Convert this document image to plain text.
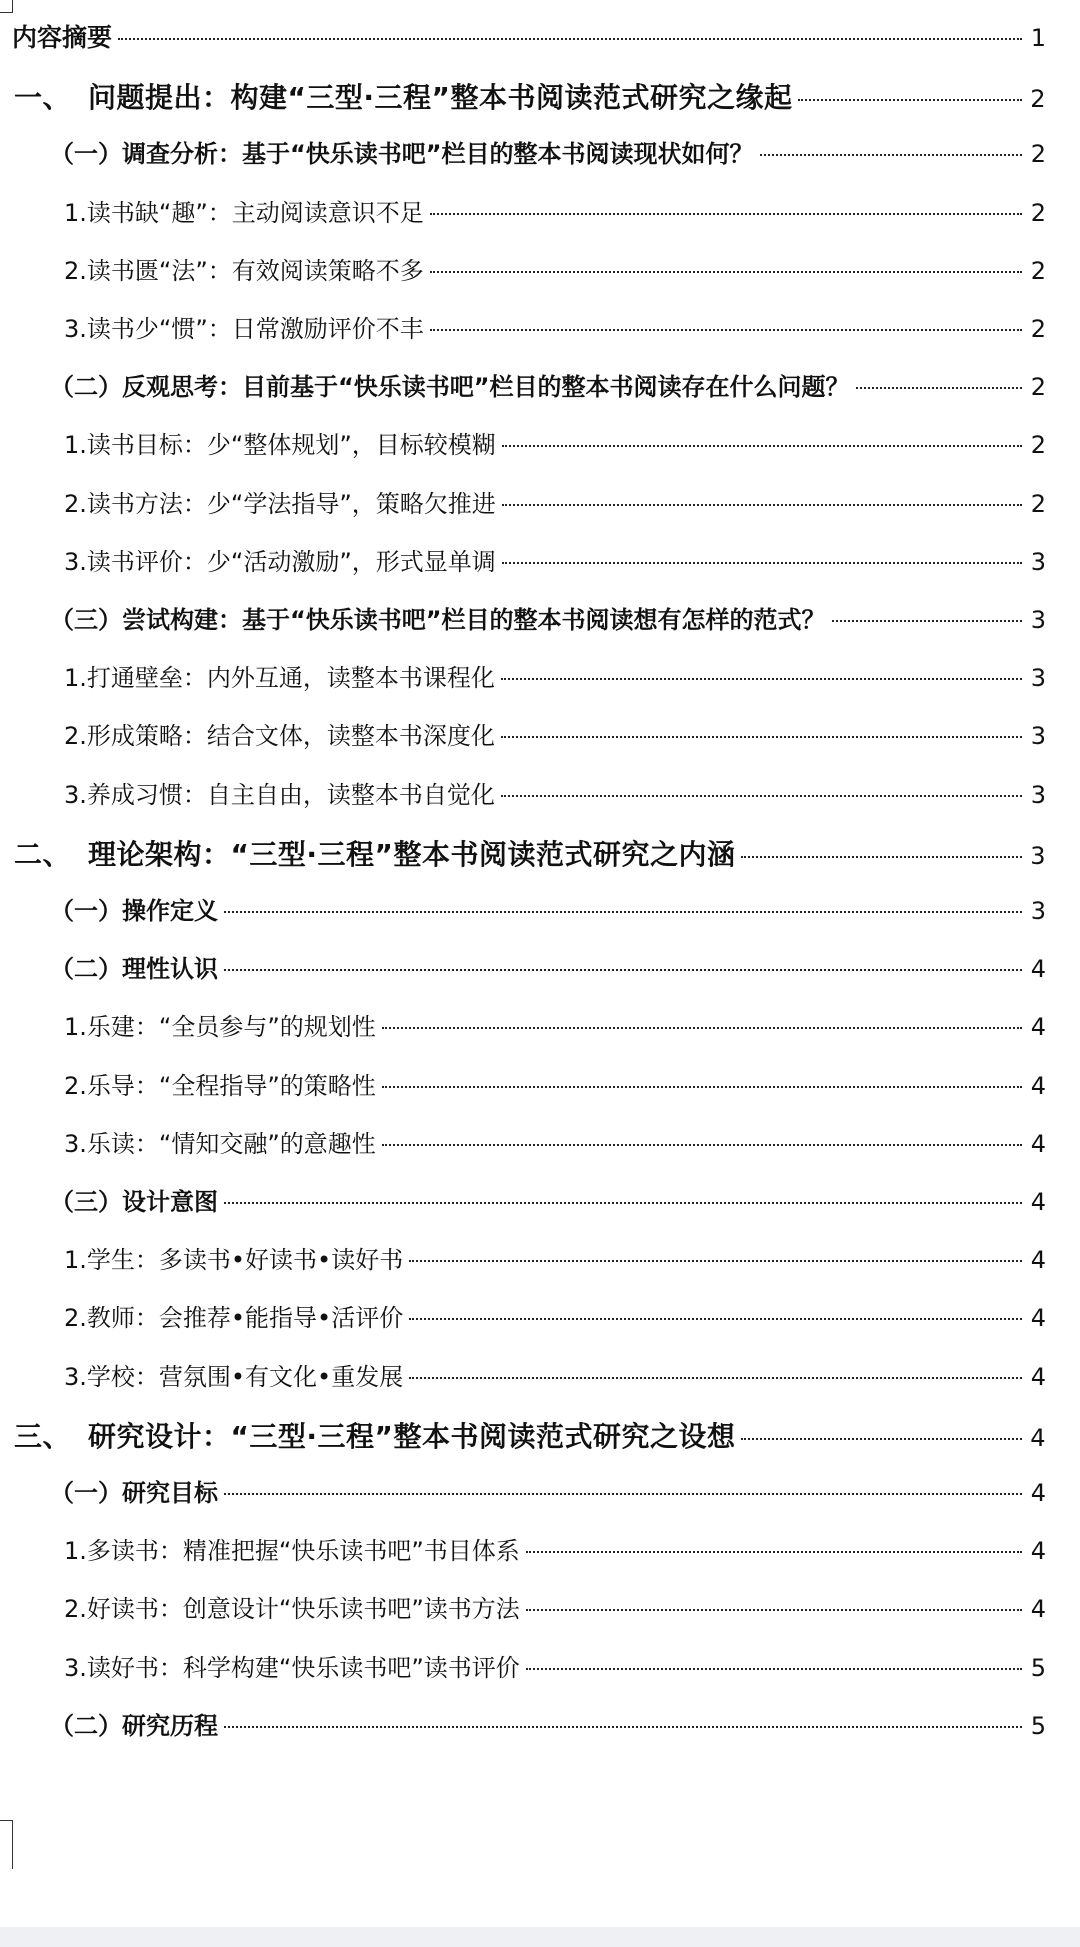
内容摘要	1
一、 问题提出：构建“三型·三程”整本书阅读范式研究之缘起	2
（一）调查分析：基于“快乐读书吧”栏目的整本书阅读现状如何？	2
1.读书缺“趣”：主动阅读意识不足	2
2.读书匮“法”：有效阅读策略不多	2
3.读书少“惯”：日常激励评价不丰	2
（二）反观思考：目前基于“快乐读书吧”栏目的整本书阅读存在什么问题？	2
1.读书目标：少“整体规划”，目标较模糊	2
2.读书方法：少“学法指导”，策略欠推进	2
3.读书评价：少“活动激励”，形式显单调	3
（三）尝试构建：基于“快乐读书吧”栏目的整本书阅读想有怎样的范式？	3
1.打通壁垒：内外互通，读整本书课程化	3
2.形成策略：结合文体，读整本书深度化	3
3.养成习惯：自主自由，读整本书自觉化	3
二、 理论架构：“三型·三程”整本书阅读范式研究之内涵	3
（一）操作定义	3
（二）理性认识	4
1.乐建：“全员参与”的规划性	4
2.乐导：“全程指导”的策略性	4
3.乐读：“情知交融”的意趣性	4
（三）设计意图	4
1.学生：多读书•好读书•读好书	4
2.教师：会推荐•能指导•活评价	4
3.学校：营氛围•有文化•重发展	4
三、 研究设计：“三型·三程”整本书阅读范式研究之设想	4
（一）研究目标	4
1.多读书：精准把握“快乐读书吧”书目体系	4
2.好读书：创意设计“快乐读书吧”读书方法	4
3.读好书：科学构建“快乐读书吧”读书评价	5
（二）研究历程	5
